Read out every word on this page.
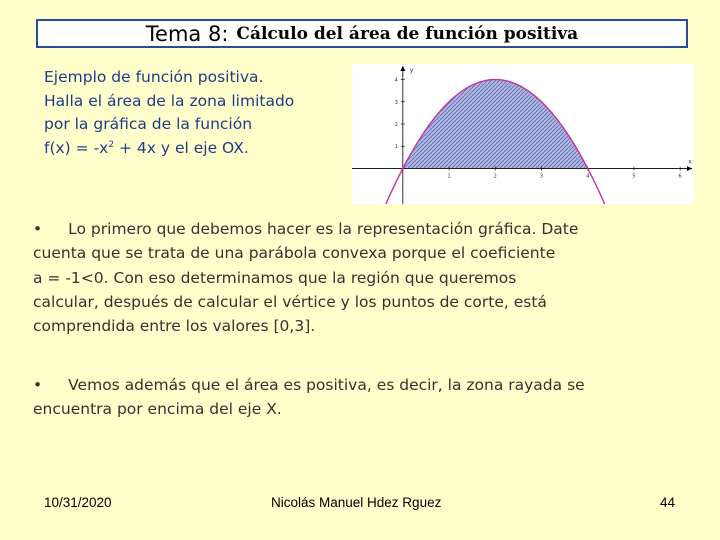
Tema 8: Cálculo del área de función positiva
Ejemplo de función positiva.
Halla el área de la zona limitado
por la gráfica de la función
$f(x) = -x^2 + 4x$ y el eje OX.
1	2	3	4	5	6
4
3
2
1
x
y
• Lo primero que debemos hacer es la representación gráfica. Date
cuenta que se trata de una parábola convexa porque el coeficiente
a = -1<0. Con eso determinamos que la región que queremos
calcular, después de calcular el vértice y los puntos de corte, está
comprendida entre los valores [0,3].
• Vemos además que el área es positiva, es decir, la zona rayada se
encuentra por encima del eje X.
10/31/2020	Nicolás Manuel Hdez Rguez	44
